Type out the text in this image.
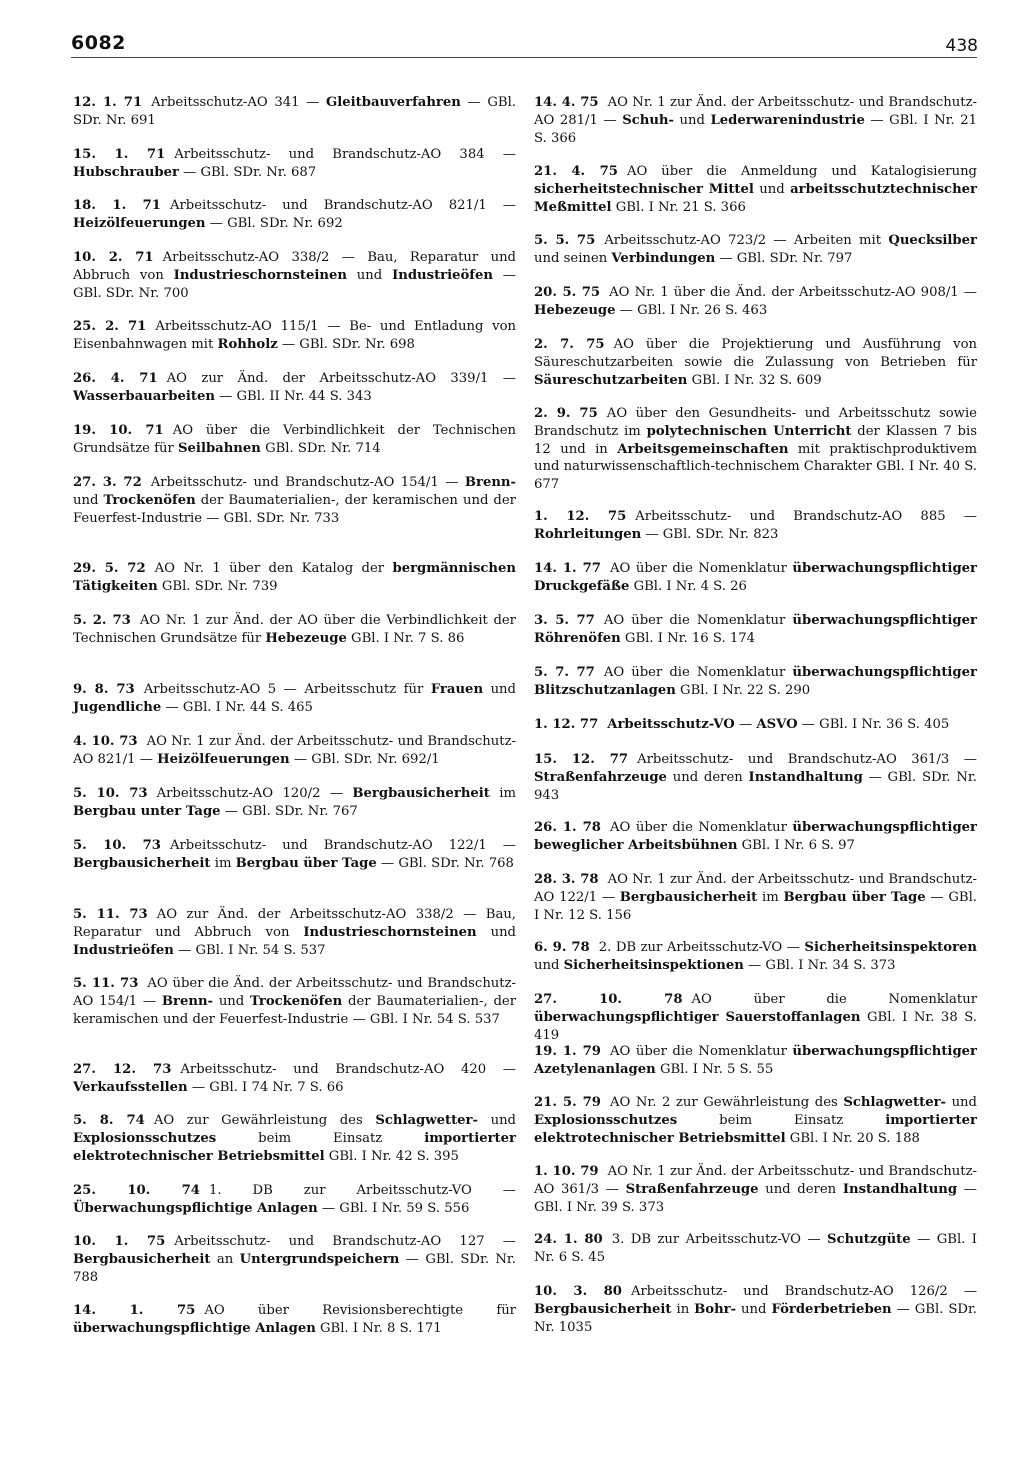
6082	438

12. 1. 71 Arbeitsschutz-AO 341 — Gleitbauverfahren — GBl. SDr. Nr. 691

15. 1. 71 Arbeitsschutz- und Brandschutz-AO 384 — Hubschrauber — GBl. SDr. Nr. 687

18. 1. 71 Arbeitsschutz- und Brandschutz-AO 821/1 — Heizölfeuerungen — GBl. SDr. Nr. 692

10. 2. 71 Arbeitsschutz-AO 338/2 — Bau, Reparatur und Abbruch von Industrieschornsteinen und Industrieöfen — GBl. SDr. Nr. 700

25. 2. 71 Arbeitsschutz-AO 115/1 — Be- und Entladung von Eisenbahnwagen mit Rohholz — GBl. SDr. Nr. 698

26. 4. 71 AO zur Änd. der Arbeitsschutz-AO 339/1 — Wasserbauarbeiten — GBl. II Nr. 44 S. 343

19. 10. 71 AO über die Verbindlichkeit der Technischen Grundsätze für Seilbahnen GBl. SDr. Nr. 714

27. 3. 72 Arbeitsschutz- und Brandschutz-AO 154/1 — Brenn- und Trockenöfen der Baumaterialien-, der keramischen und der Feuerfest-Industrie — GBl. SDr. Nr. 733

29. 5. 72 AO Nr. 1 über den Katalog der bergmännischen Tätigkeiten GBl. SDr. Nr. 739

5. 2. 73 AO Nr. 1 zur Änd. der AO über die Verbindlichkeit der Technischen Grundsätze für Hebezeuge GBl. I Nr. 7 S. 86

9. 8. 73 Arbeitsschutz-AO 5 — Arbeitsschutz für Frauen und Jugendliche — GBl. I Nr. 44 S. 465

4. 10. 73 AO Nr. 1 zur Änd. der Arbeitsschutz- und Brandschutz-AO 821/1 — Heizölfeuerungen — GBl. SDr. Nr. 692/1

5. 10. 73 Arbeitsschutz-AO 120/2 — Bergbausicherheit im Bergbau unter Tage — GBl. SDr. Nr. 767

5. 10. 73 Arbeitsschutz- und Brandschutz-AO 122/1 — Bergbausicherheit im Bergbau über Tage — GBl. SDr. Nr. 768

5. 11. 73 AO zur Änd. der Arbeitsschutz-AO 338/2 — Bau, Reparatur und Abbruch von Industrieschornsteinen und Industrieöfen — GBl. I Nr. 54 S. 537

5. 11. 73 AO über die Änd. der Arbeitsschutz- und Brandschutz-AO 154/1 — Brenn- und Trockenöfen der Baumaterialien-, der keramischen und der Feuerfest-Industrie — GBl. I Nr. 54 S. 537

27. 12. 73 Arbeitsschutz- und Brandschutz-AO 420 — Verkaufsstellen — GBl. I 74 Nr. 7 S. 66

5. 8. 74 AO zur Gewährleistung des Schlagwetter- und Explosionsschutzes beim Einsatz importierter elektrotechnischer Betriebsmittel GBl. I Nr. 42 S. 395

25. 10. 74 1. DB zur Arbeitsschutz-VO — Überwachungspflichtige Anlagen — GBl. I Nr. 59 S. 556

10. 1. 75 Arbeitsschutz- und Brandschutz-AO 127 — Bergbausicherheit an Untergrundspeichern — GBl. SDr. Nr. 788

14. 1. 75 AO über Revisionsberechtigte für überwachungspflichtige Anlagen GBl. I Nr. 8 S. 171

14. 4. 75 AO Nr. 1 zur Änd. der Arbeitsschutz- und Brandschutz-AO 281/1 — Schuh- und Lederwarenindustrie — GBl. I Nr. 21 S. 366

21. 4. 75 AO über die Anmeldung und Katalogisierung sicherheitstechnischer Mittel und arbeitsschutztechnischer Meßmittel GBl. I Nr. 21 S. 366

5. 5. 75 Arbeitsschutz-AO 723/2 — Arbeiten mit Quecksilber und seinen Verbindungen — GBl. SDr. Nr. 797

20. 5. 75 AO Nr. 1 über die Änd. der Arbeitsschutz-AO 908/1 — Hebezeuge — GBl. I Nr. 26 S. 463

2. 7. 75 AO über die Projektierung und Ausführung von Säureschutzarbeiten sowie die Zulassung von Betrieben für Säureschutzarbeiten GBl. I Nr. 32 S. 609

2. 9. 75 AO über den Gesundheits- und Arbeitsschutz sowie Brandschutz im polytechnischen Unterricht der Klassen 7 bis 12 und in Arbeitsgemeinschaften mit praktischproduktivem und naturwissenschaftlich-technischem Charakter GBl. I Nr. 40 S. 677

1. 12. 75 Arbeitsschutz- und Brandschutz-AO 885 — Rohrleitungen — GBl. SDr. Nr. 823

14. 1. 77 AO über die Nomenklatur überwachungspflichtiger Druckgefäße GBl. I Nr. 4 S. 26

3. 5. 77 AO über die Nomenklatur überwachungspflichtiger Röhrenöfen GBl. I Nr. 16 S. 174

5. 7. 77 AO über die Nomenklatur überwachungspflichtiger Blitzschutzanlagen GBl. I Nr. 22 S. 290

1. 12. 77 Arbeitsschutz-VO — ASVO — GBl. I Nr. 36 S. 405

15. 12. 77 Arbeitsschutz- und Brandschutz-AO 361/3 — Straßenfahrzeuge und deren Instandhaltung — GBl. SDr. Nr. 943

26. 1. 78 AO über die Nomenklatur überwachungspflichtiger beweglicher Arbeitsbühnen GBl. I Nr. 6 S. 97

28. 3. 78 AO Nr. 1 zur Änd. der Arbeitsschutz- und Brandschutz-AO 122/1 — Bergbausicherheit im Bergbau über Tage — GBl. I Nr. 12 S. 156

6. 9. 78 2. DB zur Arbeitsschutz-VO — Sicherheitsinspektoren und Sicherheitsinspektionen — GBl. I Nr. 34 S. 373

27. 10. 78 AO über die Nomenklatur überwachungspflichtiger Sauerstoffanlagen GBl. I Nr. 38 S. 419

19. 1. 79 AO über die Nomenklatur überwachungspflichtiger Azetylenanlagen GBl. I Nr. 5 S. 55

21. 5. 79 AO Nr. 2 zur Gewährleistung des Schlagwetter- und Explosionsschutzes beim Einsatz importierter elektrotechnischer Betriebsmittel GBl. I Nr. 20 S. 188

1. 10. 79 AO Nr. 1 zur Änd. der Arbeitsschutz- und Brandschutz-AO 361/3 — Straßenfahrzeuge und deren Instandhaltung — GBl. I Nr. 39 S. 373

24. 1. 80 3. DB zur Arbeitsschutz-VO — Schutzgüte — GBl. I Nr. 6 S. 45

10. 3. 80 Arbeitsschutz- und Brandschutz-AO 126/2 — Bergbausicherheit in Bohr- und Förderbetrieben — GBl. SDr. Nr. 1035
